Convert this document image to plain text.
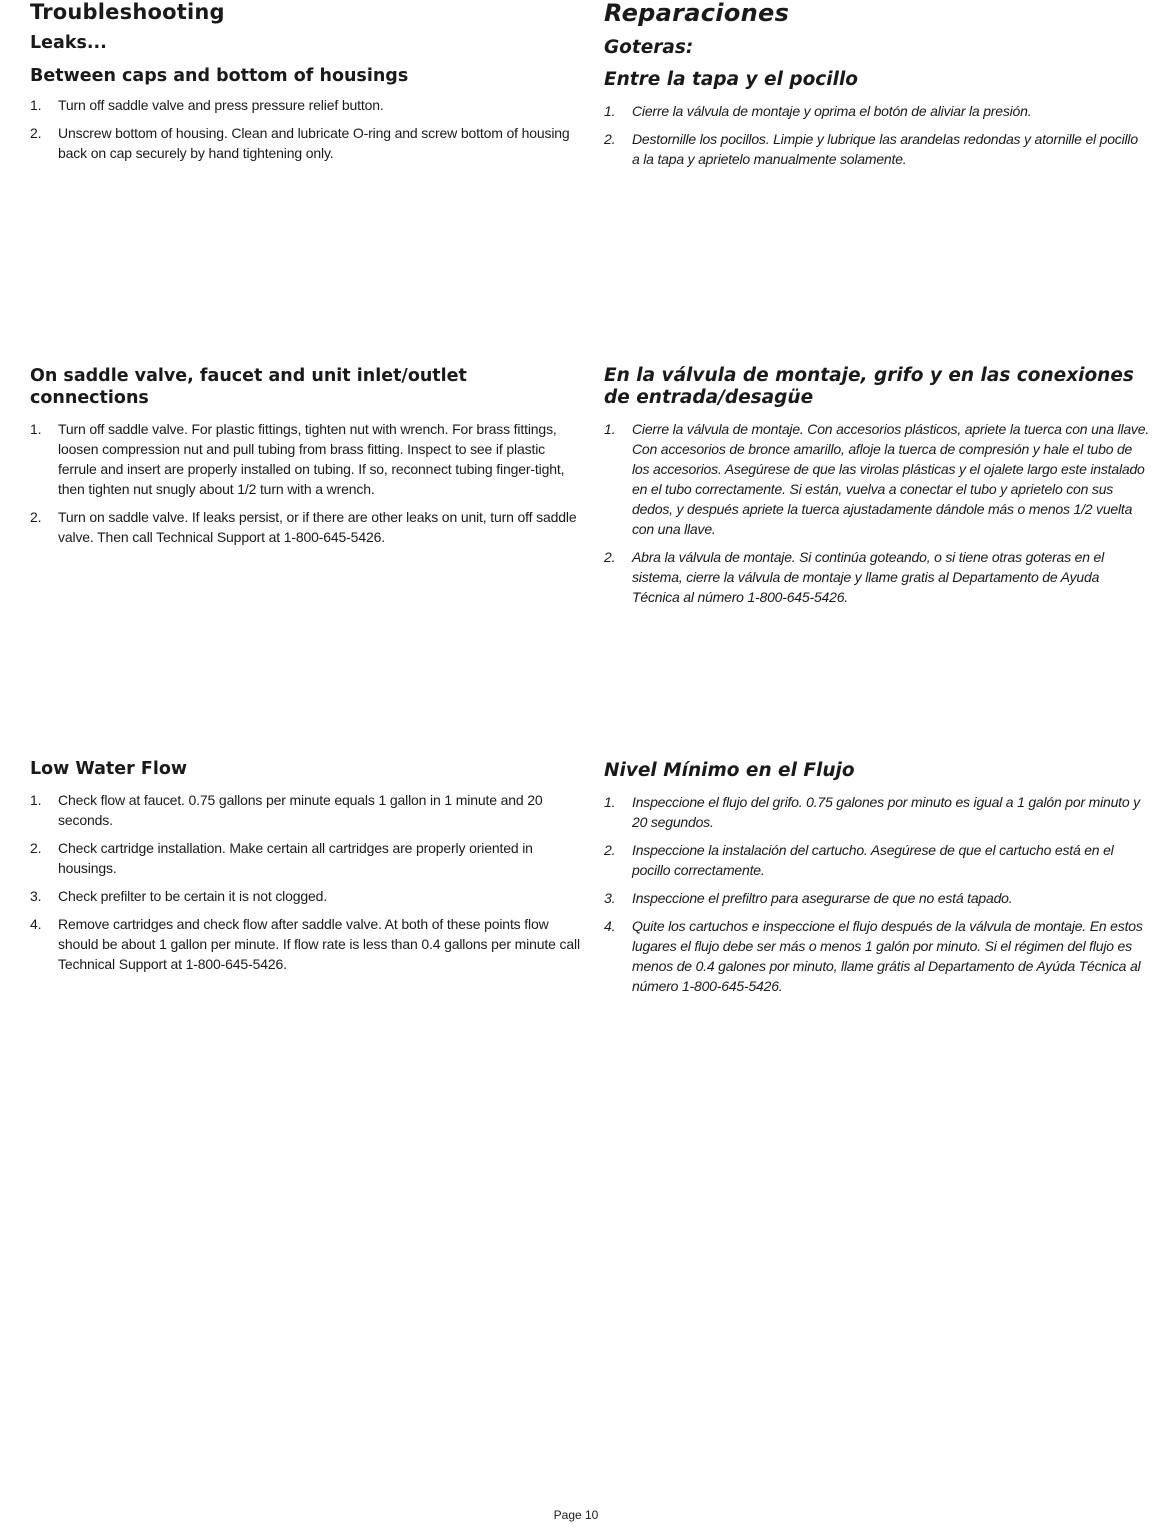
Troubleshooting
Leaks...
Between caps and bottom of housings
1. Turn off saddle valve and press pressure relief button.
2. Unscrew bottom of housing. Clean and lubricate O-ring and screw bottom of housing back on cap securely by hand tightening only.
On saddle valve, faucet and unit inlet/outlet connections
1. Turn off saddle valve. For plastic fittings, tighten nut with wrench. For brass fittings, loosen compression nut and pull tubing from brass fitting. Inspect to see if plastic ferrule and insert are properly installed on tubing. If so, reconnect tubing finger-tight, then tighten nut snugly about 1/2 turn with a wrench.
2. Turn on saddle valve. If leaks persist, or if there are other leaks on unit, turn off saddle valve. Then call Technical Support at 1-800-645-5426.
Low Water Flow
1. Check flow at faucet. 0.75 gallons per minute equals 1 gallon in 1 minute and 20 seconds.
2. Check cartridge installation. Make certain all cartridges are properly oriented in housings.
3. Check prefilter to be certain it is not clogged.
4. Remove cartridges and check flow after saddle valve. At both of these points flow should be about 1 gallon per minute. If flow rate is less than 0.4 gallons per minute call Technical Support at 1-800-645-5426.
Reparaciones
Goteras:
Entre la tapa y el pocillo
1. Cierre la válvula de montaje y oprima el botón de aliviar la presión.
2. Destornille los pocillos. Limpie y lubrique las arandelas redondas y atornille el pocillo a la tapa y aprietelo manualmente solamente.
En la válvula de montaje, grifo y en las conexiones de entrada/desagüe
1. Cierre la válvula de montaje. Con accesorios plásticos, apriete la tuerca con una llave. Con accesorios de bronce amarillo, afloje la tuerca de compresión y hale el tubo de los accesorios. Asegúrese de que las virolas plásticas y el ojalete largo este instalado en el tubo correctamente. Si están, vuelva a conectar el tubo y aprietelo con sus dedos, y después apriete la tuerca ajustadamente dándole más o menos 1/2 vuelta con una llave.
2. Abra la válvula de montaje. Si continúa goteando, o si tiene otras goteras en el sistema, cierre la válvula de montaje y llame gratis al Departamento de Ayuda Técnica al número 1-800-645-5426.
Nivel Mínimo en el Flujo
1. Inspeccione el flujo del grifo. 0.75 galones por minuto es igual a 1 galón por minuto y 20 segundos.
2. Inspeccione la instalación del cartucho. Asegúrese de que el cartucho está en el pocillo correctamente.
3. Inspeccione el prefiltro para asegurarse de que no está tapado.
4. Quite los cartuchos e inspeccione el flujo después de la válvula de montaje. En estos lugares el flujo debe ser más o menos 1 galón por minuto. Si el régimen del flujo es menos de 0.4 galones por minuto, llame grátis al Departamento de Ayúda Técnica al número 1-800-645-5426.
Page 10
